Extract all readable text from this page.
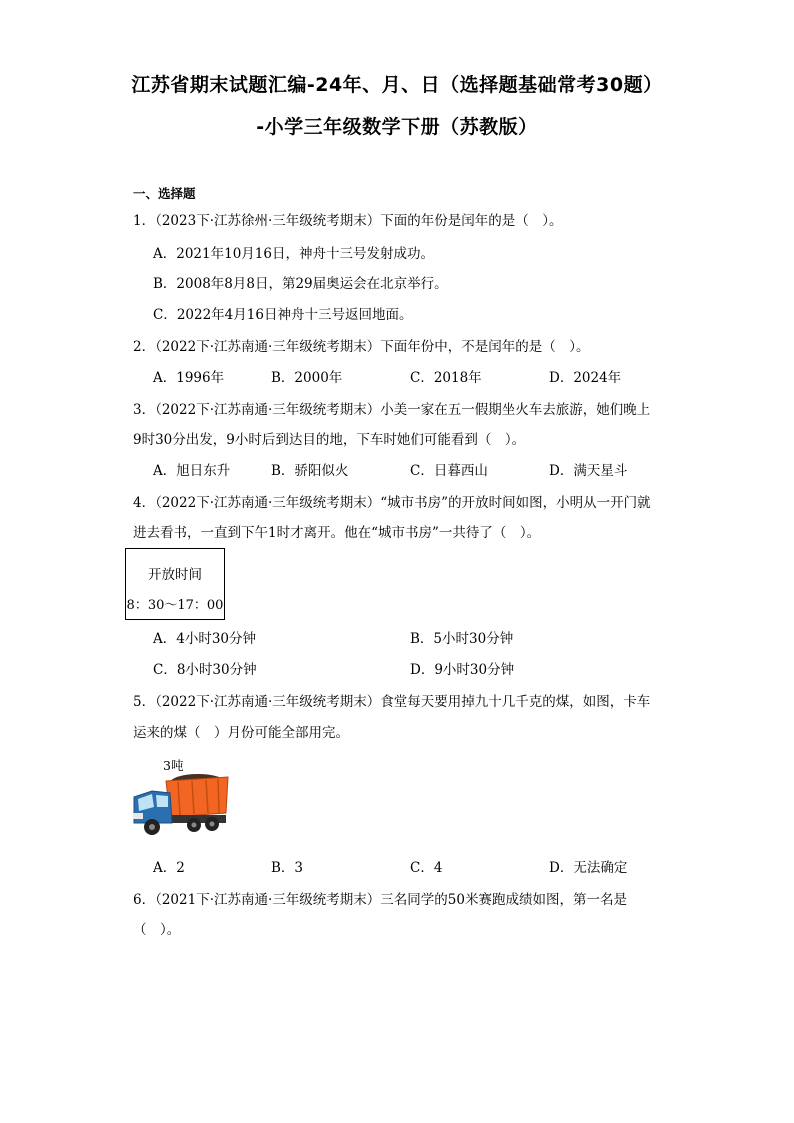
江苏省期末试题汇编-24年、月、日（选择题基础常考30题）
-小学三年级数学下册（苏教版）
一、选择题
1．（2023下·江苏徐州·三年级统考期末）下面的年份是闰年的是（　）。
A．2021年10月16日，神舟十三号发射成功。
B．2008年8月8日，第29届奥运会在北京举行。
C．2022年4月16日神舟十三号返回地面。
2．（2022下·江苏南通·三年级统考期末）下面年份中，不是闰年的是（　）。
A．1996年	B．2000年	C．2018年	D．2024年
3．（2022下·江苏南通·三年级统考期末）小美一家在五一假期坐火车去旅游，她们晚上
9时30分出发，9小时后到达目的地，下车时她们可能看到（　）。
A．旭日东升	B．骄阳似火	C．日暮西山	D．满天星斗
4．（2022下·江苏南通·三年级统考期末）“城市书房”的开放时间如图，小明从一开门就
进去看书，一直到下午1时才离开。他在“城市书房”一共待了（　）。
开放时间
8：30～17：00
A．4小时30分钟	B．5小时30分钟
C．8小时30分钟	D．9小时30分钟
5．（2022下·江苏南通·三年级统考期末）食堂每天要用掉九十几千克的煤，如图，卡车
运来的煤（　）月份可能全部用完。
3吨
A．2	B．3	C．4	D．无法确定
6．（2021下·江苏南通·三年级统考期末）三名同学的50米赛跑成绩如图，第一名是
（　）。
